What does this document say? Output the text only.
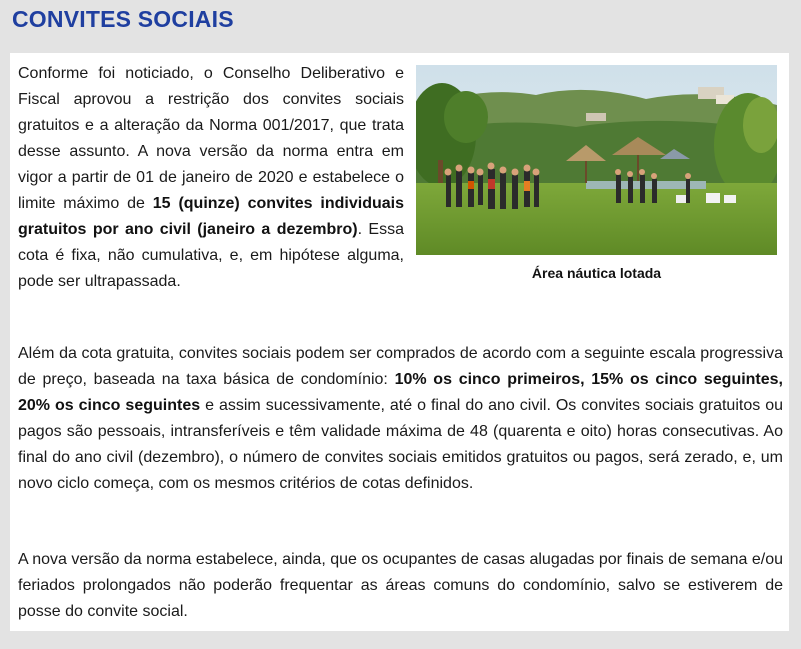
CONVITES SOCIAIS

Conforme foi noticiado, o Conselho Deliberativo e Fiscal aprovou a restrição dos convites sociais gratuitos e a alteração da Norma 001/2017, que trata desse assunto. A nova versão da norma entra em vigor a partir de 01 de janeiro de 2020 e estabelece o limite máximo de 15 (quinze) convites individuais gratuitos por ano civil (janeiro a dezembro). Essa cota é fixa, não cumulativa, e, em hipótese alguma, pode ser ultrapassada.	Área náutica lotada

Além da cota gratuita, convites sociais podem ser comprados de acordo com a seguinte escala progressiva de preço, baseada na taxa básica de condomínio: 10% os cinco primeiros, 15% os cinco seguintes, 20% os cinco seguintes e assim sucessivamente, até o final do ano civil. Os convites sociais gratuitos ou pagos são pessoais, intransferíveis e têm validade máxima de 48 (quarenta e oito) horas consecutivas. Ao final do ano civil (dezembro), o número de convites sociais emitidos gratuitos ou pagos, será zerado, e, um novo ciclo começa, com os mesmos critérios de cotas definidos.

A nova versão da norma estabelece, ainda, que os ocupantes de casas alugadas por finais de semana e/ou feriados prolongados não poderão frequentar as áreas comuns do condomínio, salvo se estiverem de posse do convite social.
